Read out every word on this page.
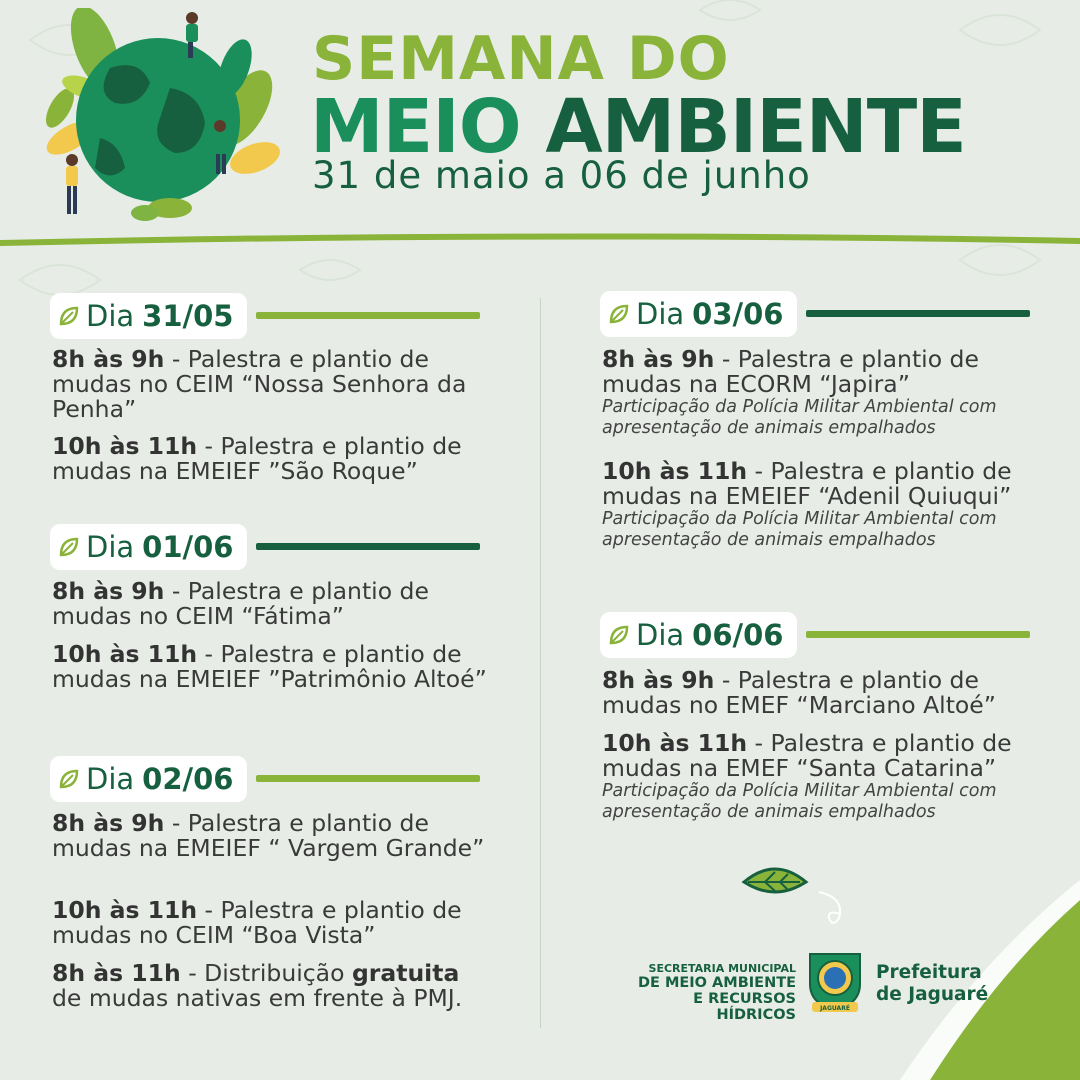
SEMANA DO
MEIO AMBIENTE
31 de maio a 06 de junho
Dia 31/05
8h às 9h - Palestra e plantio de mudas no CEIM “Nossa Senhora da Penha”
10h às 11h - Palestra e plantio de mudas na EMEIEF ”São Roque”
Dia 01/06
8h às 9h - Palestra e plantio de mudas no CEIM “Fátima”
10h às 11h - Palestra e plantio de mudas na EMEIEF ”Patrimônio Altoé”
Dia 02/06
8h às 9h - Palestra e plantio de mudas na EMEIEF “ Vargem Grande”
10h às 11h - Palestra e plantio de mudas no CEIM “Boa Vista”
8h às 11h - Distribuição gratuita de mudas nativas em frente à PMJ.
Dia 03/06
8h às 9h - Palestra e plantio de mudas na ECORM “Japira”
Participação da Polícia Militar Ambiental com apresentação de animais empalhados
10h às 11h - Palestra e plantio de mudas na EMEIEF “Adenil Quiuqui”
Participação da Polícia Militar Ambiental com apresentação de animais empalhados
Dia 06/06
8h às 9h - Palestra e plantio de mudas no EMEF “Marciano Altoé”
10h às 11h - Palestra e plantio de mudas na EMEF “Santa Catarina”
Participação da Polícia Militar Ambiental com apresentação de animais empalhados
SECRETARIA MUNICIPAL
DE MEIO AMBIENTE
E RECURSOS HÍDRICOS	JAGUARÉ
Prefeitura
de Jaguaré
